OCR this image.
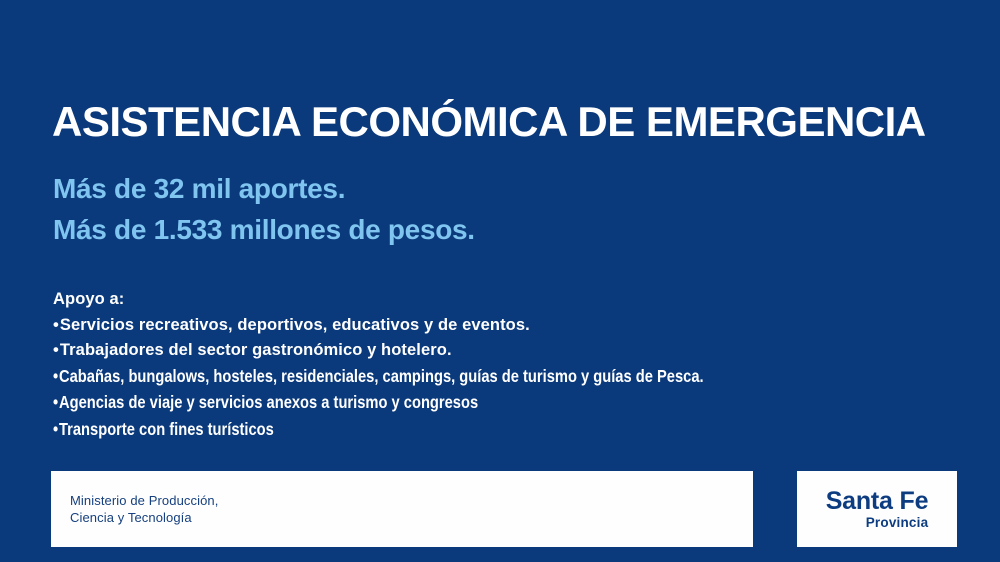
ASISTENCIA ECONÓMICA DE EMERGENCIA
Más de 32 mil aportes.
Más de 1.533 millones de pesos.
Apoyo a:
•Servicios recreativos, deportivos, educativos y de eventos.
•Trabajadores del sector gastronómico y hotelero.
•Cabañas, bungalows, hosteles, residenciales, campings, guías de turismo y guías de Pesca.
•Agencias de viaje y servicios anexos a turismo y congresos
•Transporte con fines turísticos
Ministerio de Producción,
Ciencia y Tecnología
Santa Fe
Provincia
